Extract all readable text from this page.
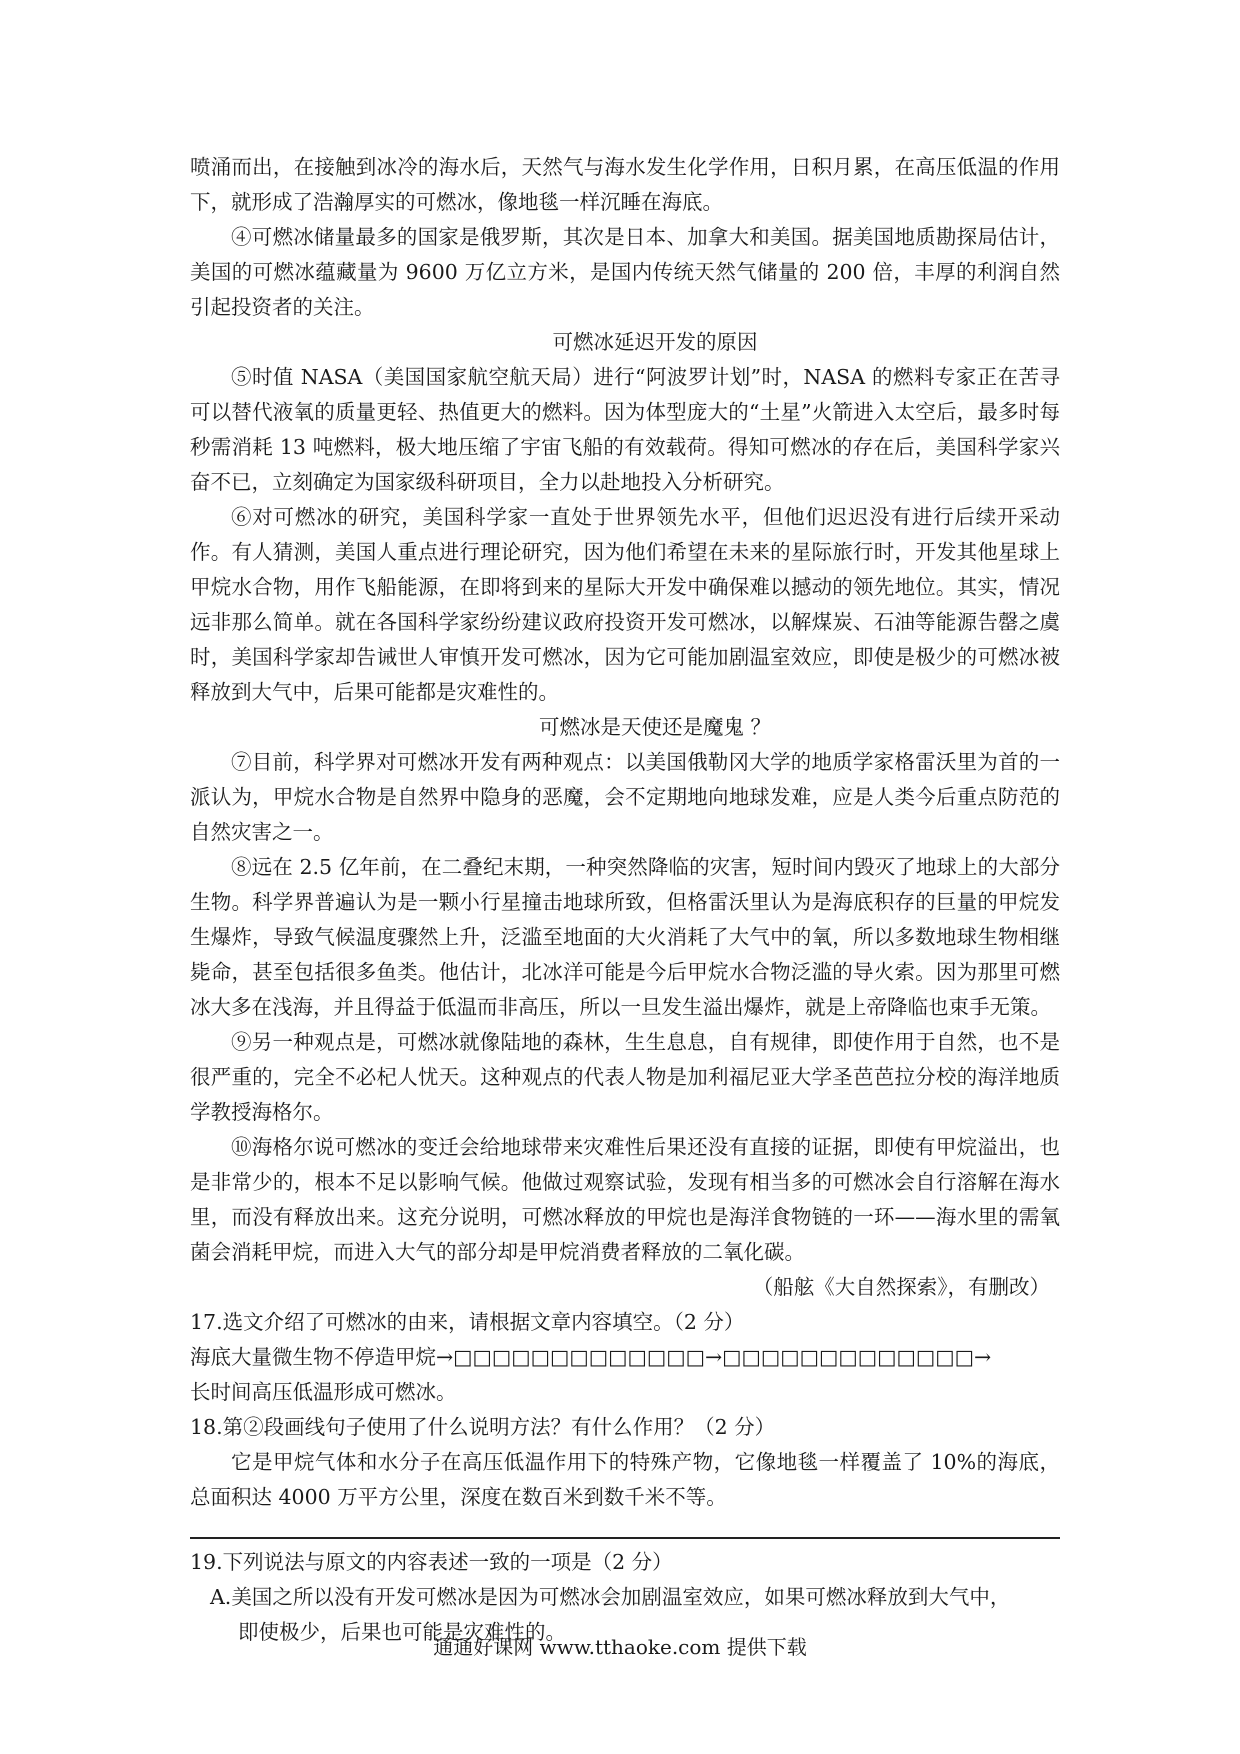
喷涌而出，在接触到冰冷的海水后，天然气与海水发生化学作用，日积月累，在高压低温的作用下，就形成了浩瀚厚实的可燃冰，像地毯一样沉睡在海底。

④可燃冰储量最多的国家是俄罗斯，其次是日本、加拿大和美国。据美国地质勘探局估计，美国的可燃冰蕴藏量为 9600 万亿立方米，是国内传统天然气储量的 200 倍，丰厚的利润自然引起投资者的关注。

可燃冰延迟开发的原因

⑤时值 NASA（美国国家航空航天局）进行“阿波罗计划”时，NASA 的燃料专家正在苦寻可以替代液氧的质量更轻、热值更大的燃料。因为体型庞大的“土星”火箭进入太空后，最多时每秒需消耗 13 吨燃料，极大地压缩了宇宙飞船的有效载荷。得知可燃冰的存在后，美国科学家兴奋不已，立刻确定为国家级科研项目，全力以赴地投入分析研究。

⑥对可燃冰的研究，美国科学家一直处于世界领先水平，但他们迟迟没有进行后续开采动作。有人猜测，美国人重点进行理论研究，因为他们希望在未来的星际旅行时，开发其他星球上甲烷水合物，用作飞船能源，在即将到来的星际大开发中确保难以撼动的领先地位。其实，情况远非那么简单。就在各国科学家纷纷建议政府投资开发可燃冰，以解煤炭、石油等能源告罄之虞时，美国科学家却告诫世人审慎开发可燃冰，因为它可能加剧温室效应，即使是极少的可燃冰被释放到大气中，后果可能都是灾难性的。

可燃冰是天使还是魔鬼 ？

⑦目前，科学界对可燃冰开发有两种观点：以美国俄勒冈大学的地质学家格雷沃里为首的一派认为，甲烷水合物是自然界中隐身的恶魔，会不定期地向地球发难，应是人类今后重点防范的自然灾害之一。

⑧远在 2.5 亿年前，在二叠纪末期，一种突然降临的灾害，短时间内毁灭了地球上的大部分生物。科学界普遍认为是一颗小行星撞击地球所致，但格雷沃里认为是海底积存的巨量的甲烷发生爆炸，导致气候温度骤然上升，泛滥至地面的大火消耗了大气中的氧，所以多数地球生物相继毙命，甚至包括很多鱼类。他估计，北冰洋可能是今后甲烷水合物泛滥的导火索。因为那里可燃冰大多在浅海，并且得益于低温而非高压，所以一旦发生溢出爆炸，就是上帝降临也束手无策。

⑨另一种观点是，可燃冰就像陆地的森林，生生息息，自有规律，即使作用于自然，也不是很严重的，完全不必杞人忧天。这种观点的代表人物是加利福尼亚大学圣芭芭拉分校的海洋地质学教授海格尔。

⑩海格尔说可燃冰的变迁会给地球带来灾难性后果还没有直接的证据，即使有甲烷溢出，也是非常少的，根本不足以影响气候。他做过观察试验，发现有相当多的可燃冰会自行溶解在海水里，而没有释放出来。这充分说明，可燃冰释放的甲烷也是海洋食物链的一环——海水里的需氧菌会消耗甲烷，而进入大气的部分却是甲烷消费者释放的二氧化碳。

（船舷《大自然探索》，有删改）

17.选文介绍了可燃冰的由来，请根据文章内容填空。（2 分）

海底大量微生物不停造甲烷→□□□□□□□□□□□□□→□□□□□□□□□□□□□→

长时间高压低温形成可燃冰。

18.第②段画线句子使用了什么说明方法？有什么作用？（2 分）

它是甲烷气体和水分子在高压低温作用下的特殊产物，它像地毯一样覆盖了 10%的海底，总面积达 4000 万平方公里，深度在数百米到数千米不等。

19.下列说法与原文的内容表述一致的一项是（2 分）

A.美国之所以没有开发可燃冰是因为可燃冰会加剧温室效应，如果可燃冰释放到大气中，
即使极少，后果也可能是灾难性的。

通通好课网 www.tthaoke.com 提供下载
